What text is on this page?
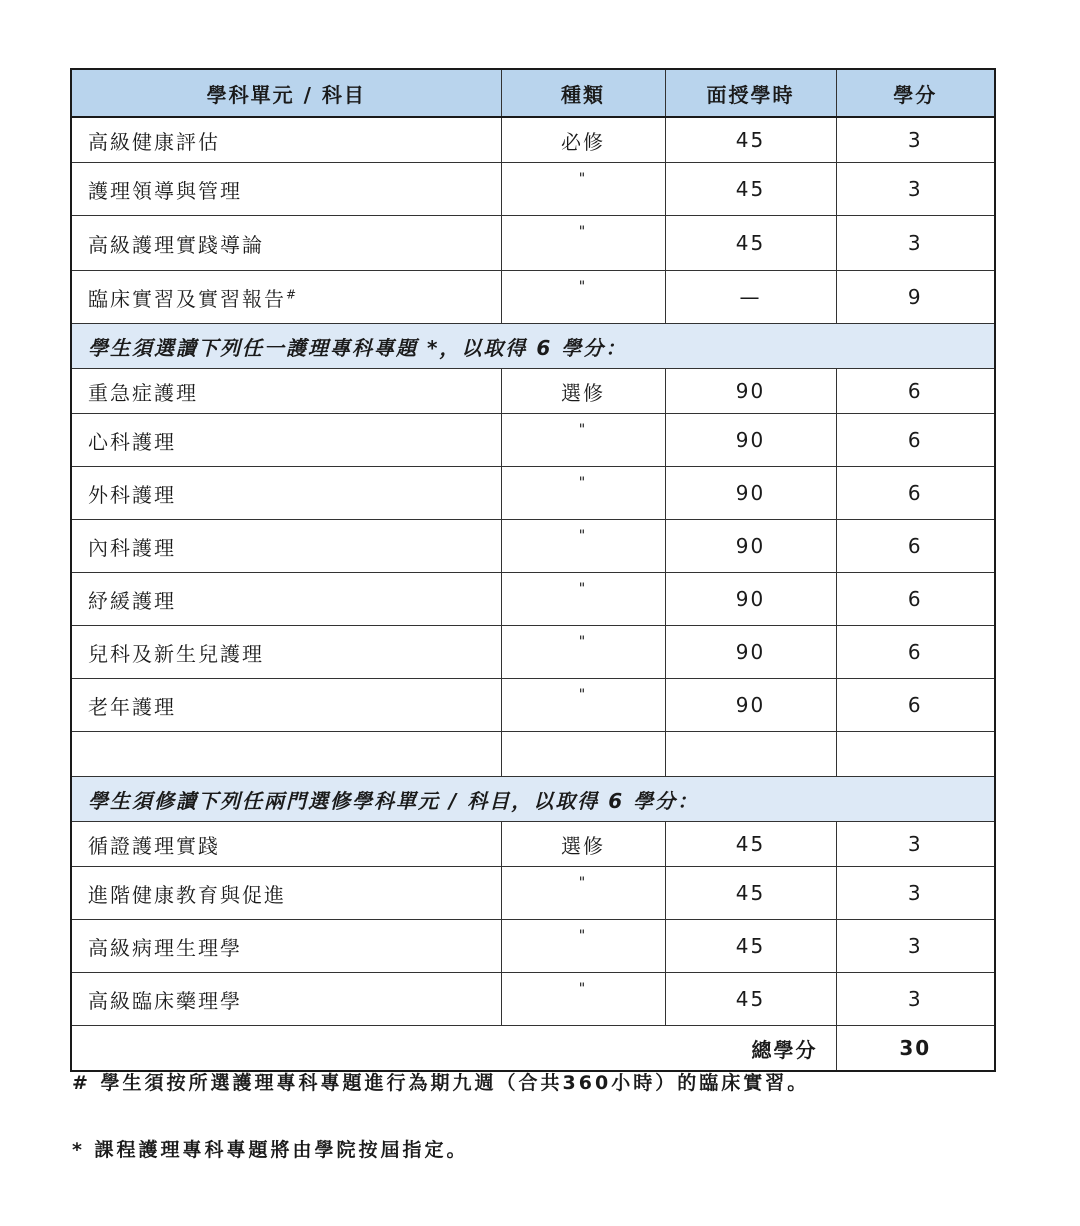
學科單元 / 科目	種類	面授學時	學分
高級健康評估	必修	45	3
護理領導與管理	"	45	3
高級護理實踐導論	"	45	3
臨床實習及實習報告#	"	—	9
學生須選讀下列任一護理專科專題 *，以取得 6 學分：			
重急症護理	選修	90	6
心科護理	"	90	6
外科護理	"	90	6
內科護理	"	90	6
紓緩護理	"	90	6
兒科及新生兒護理	"	90	6
老年護理	"	90	6

學生須修讀下列任兩門選修學科單元 / 科目，以取得 6 學分：			
循證護理實踐	選修	45	3
進階健康教育與促進	"	45	3
高級病理生理學	"	45	3
高級臨床藥理學	"	45	3
總學分			30

# 學生須按所選護理專科專題進行為期九週（合共360小時）的臨床實習。

* 課程護理專科專題將由學院按屆指定。
